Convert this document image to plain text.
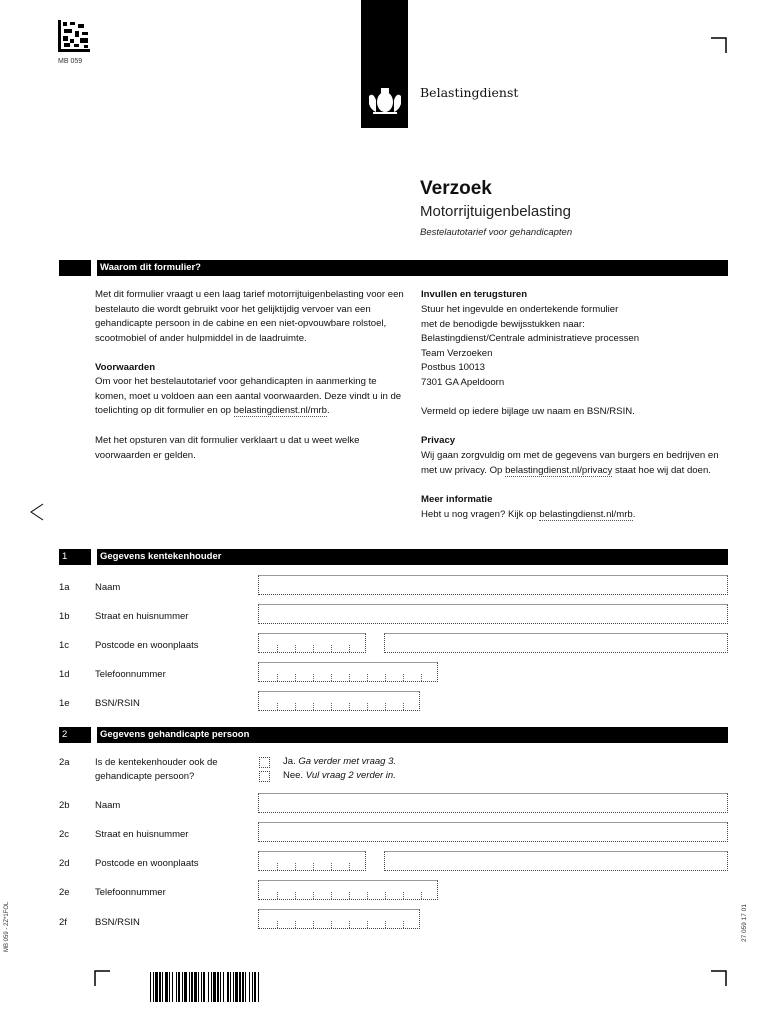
MB 059
Belastingdienst
Verzoek
Motorrijtuigenbelasting
Bestelautotarief voor gehandicapten
Waarom dit formulier?
Met dit formulier vraagt u een laag tarief motorrijtuigenbelasting voor een bestelauto die wordt gebruikt voor het gelijktijdig vervoer van een gehandicapte persoon in de cabine en een niet-opvouwbare rolstoel, scootmobiel of ander hulpmiddel in de laadruimte.
Voorwaarden
Om voor het bestelautotarief voor gehandicapten in aanmerking te komen, moet u voldoen aan een aantal voorwaarden. Deze vindt u in de toelichting op dit formulier en op belastingdienst.nl/mrb.
Met het opsturen van dit formulier verklaart u dat u weet welke voorwaarden er gelden.
Invullen en terugsturen
Stuur het ingevulde en ondertekende formulier
met de benodigde bewijsstukken naar:
Belastingdienst/Centrale administratieve processen
Team Verzoeken
Postbus 10013
7301 GA Apeldoorn
Vermeld op iedere bijlage uw naam en BSN/RSIN.
Privacy
Wij gaan zorgvuldig om met de gegevens van burgers en bedrijven en met uw privacy. Op belastingdienst.nl/privacy staat hoe wij dat doen.
Meer informatie
Hebt u nog vragen? Kijk op belastingdienst.nl/mrb.
1	Gegevens kentekenhouder
1a	Naam
1b	Straat en huisnummer
1c	Postcode en woonplaats
1d	Telefoonnummer
1e	BSN/RSIN
2	Gegevens gehandicapte persoon
2a	Is de kentekenhouder ook de
gehandicapte persoon?
Ja. Ga verder met vraag 3.
Nee. Vul vraag 2 verder in.
2b	Naam
2c	Straat en huisnummer
2d	Postcode en woonplaats
2e	Telefoonnummer
2f	BSN/RSIN
MB 059 - 2Z*1FOL	27 059 17 01
